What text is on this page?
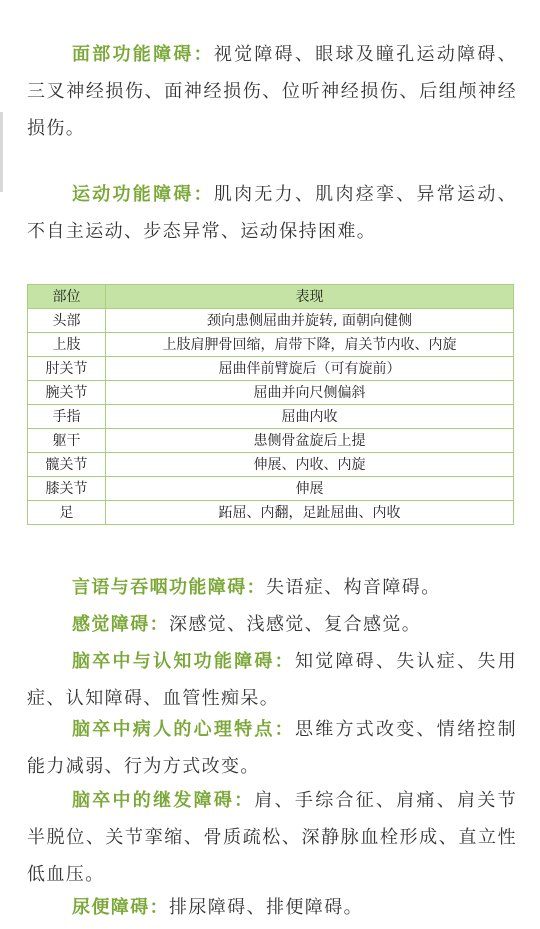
面部功能障碍：视觉障碍、眼球及瞳孔运动障碍、三叉神经损伤、面神经损伤、位听神经损伤、后组颅神经损伤。

运动功能障碍：肌肉无力、肌肉痉挛、异常运动、不自主运动、步态异常、运动保持困难。

部位	表现
头部	颈向患侧屈曲并旋转, 面朝向健侧
上肢	上肢肩胛骨回缩，肩带下降，肩关节内收、内旋
肘关节	屈曲伴前臂旋后（可有旋前）
腕关节	屈曲并向尺侧偏斜
手指	屈曲内收
躯干	患侧骨盆旋后上提
髋关节	伸展、内收、内旋
膝关节	伸展
足	跖屈、内翻，足趾屈曲、内收

言语与吞咽功能障碍：失语症、构音障碍。

感觉障碍：深感觉、浅感觉、复合感觉。

脑卒中与认知功能障碍：知觉障碍、失认症、失用症、认知障碍、血管性痴呆。

脑卒中病人的心理特点：思维方式改变、情绪控制能力减弱、行为方式改变。

脑卒中的继发障碍：肩、手综合征、肩痛、肩关节半脱位、关节挛缩、骨质疏松、深静脉血栓形成、直立性低血压。

尿便障碍：排尿障碍、排便障碍。
